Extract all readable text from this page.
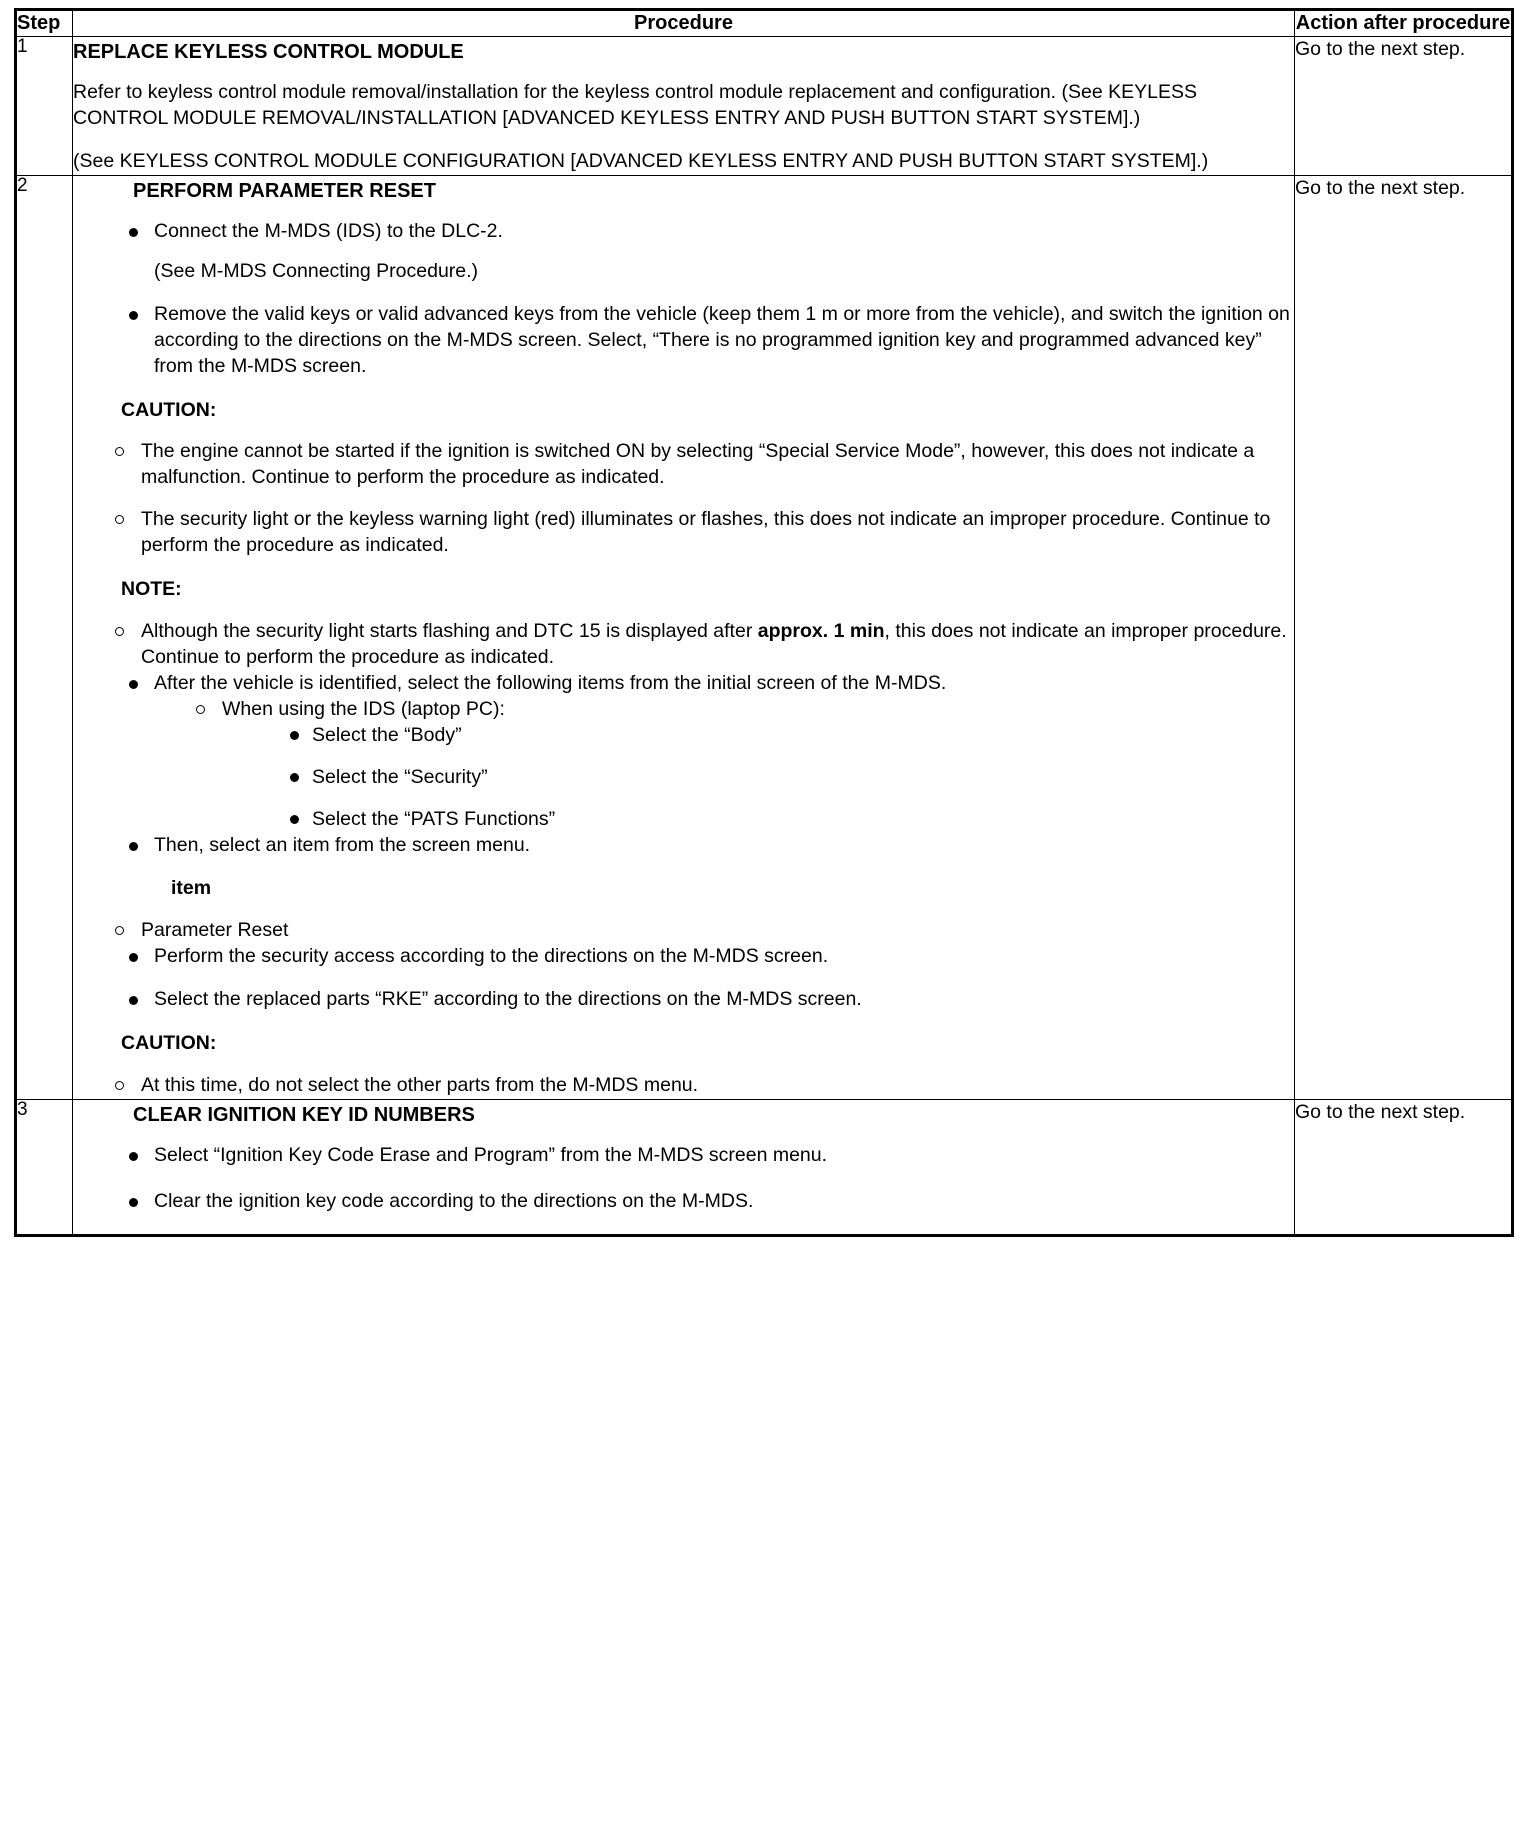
Step	Procedure	Action after procedure
1	REPLACE KEYLESS CONTROL MODULE

Refer to keyless control module removal/installation for the keyless control module replacement and configuration. (See KEYLESS CONTROL MODULE REMOVAL/INSTALLATION [ADVANCED KEYLESS ENTRY AND PUSH BUTTON START SYSTEM].)

(See KEYLESS CONTROL MODULE CONFIGURATION [ADVANCED KEYLESS ENTRY AND PUSH BUTTON START SYSTEM].)	Go to the next step.
2	PERFORM PARAMETER RESET
Connect the M-MDS (IDS) to the DLC-2.
(See M-MDS Connecting Procedure.)
Remove the valid keys or valid advanced keys from the vehicle (keep them 1 m or more from the vehicle), and switch the ignition on according to the directions on the M-MDS screen. Select, “There is no programmed ignition key and programmed advanced key” from the M-MDS screen.
CAUTION:
The engine cannot be started if the ignition is switched ON by selecting “Special Service Mode”, however, this does not indicate a malfunction. Continue to perform the procedure as indicated.
The security light or the keyless warning light (red) illuminates or flashes, this does not indicate an improper procedure. Continue to perform the procedure as indicated.
NOTE:
Although the security light starts flashing and DTC 15 is displayed after approx. 1 min, this does not indicate an improper procedure. Continue to perform the procedure as indicated.
After the vehicle is identified, select the following items from the initial screen of the M-MDS.
When using the IDS (laptop PC):
Select the “Body”
Select the “Security”
Select the “PATS Functions”
Then, select an item from the screen menu.
item
Parameter Reset
Perform the security access according to the directions on the M-MDS screen.
Select the replaced parts “RKE” according to the directions on the M-MDS screen.
CAUTION:
At this time, do not select the other parts from the M-MDS menu.
	Go to the next step.
3	CLEAR IGNITION KEY ID NUMBERS
Select “Ignition Key Code Erase and Program” from the M-MDS screen menu.
Clear the ignition key code according to the directions on the M-MDS.
	Go to the next step.
